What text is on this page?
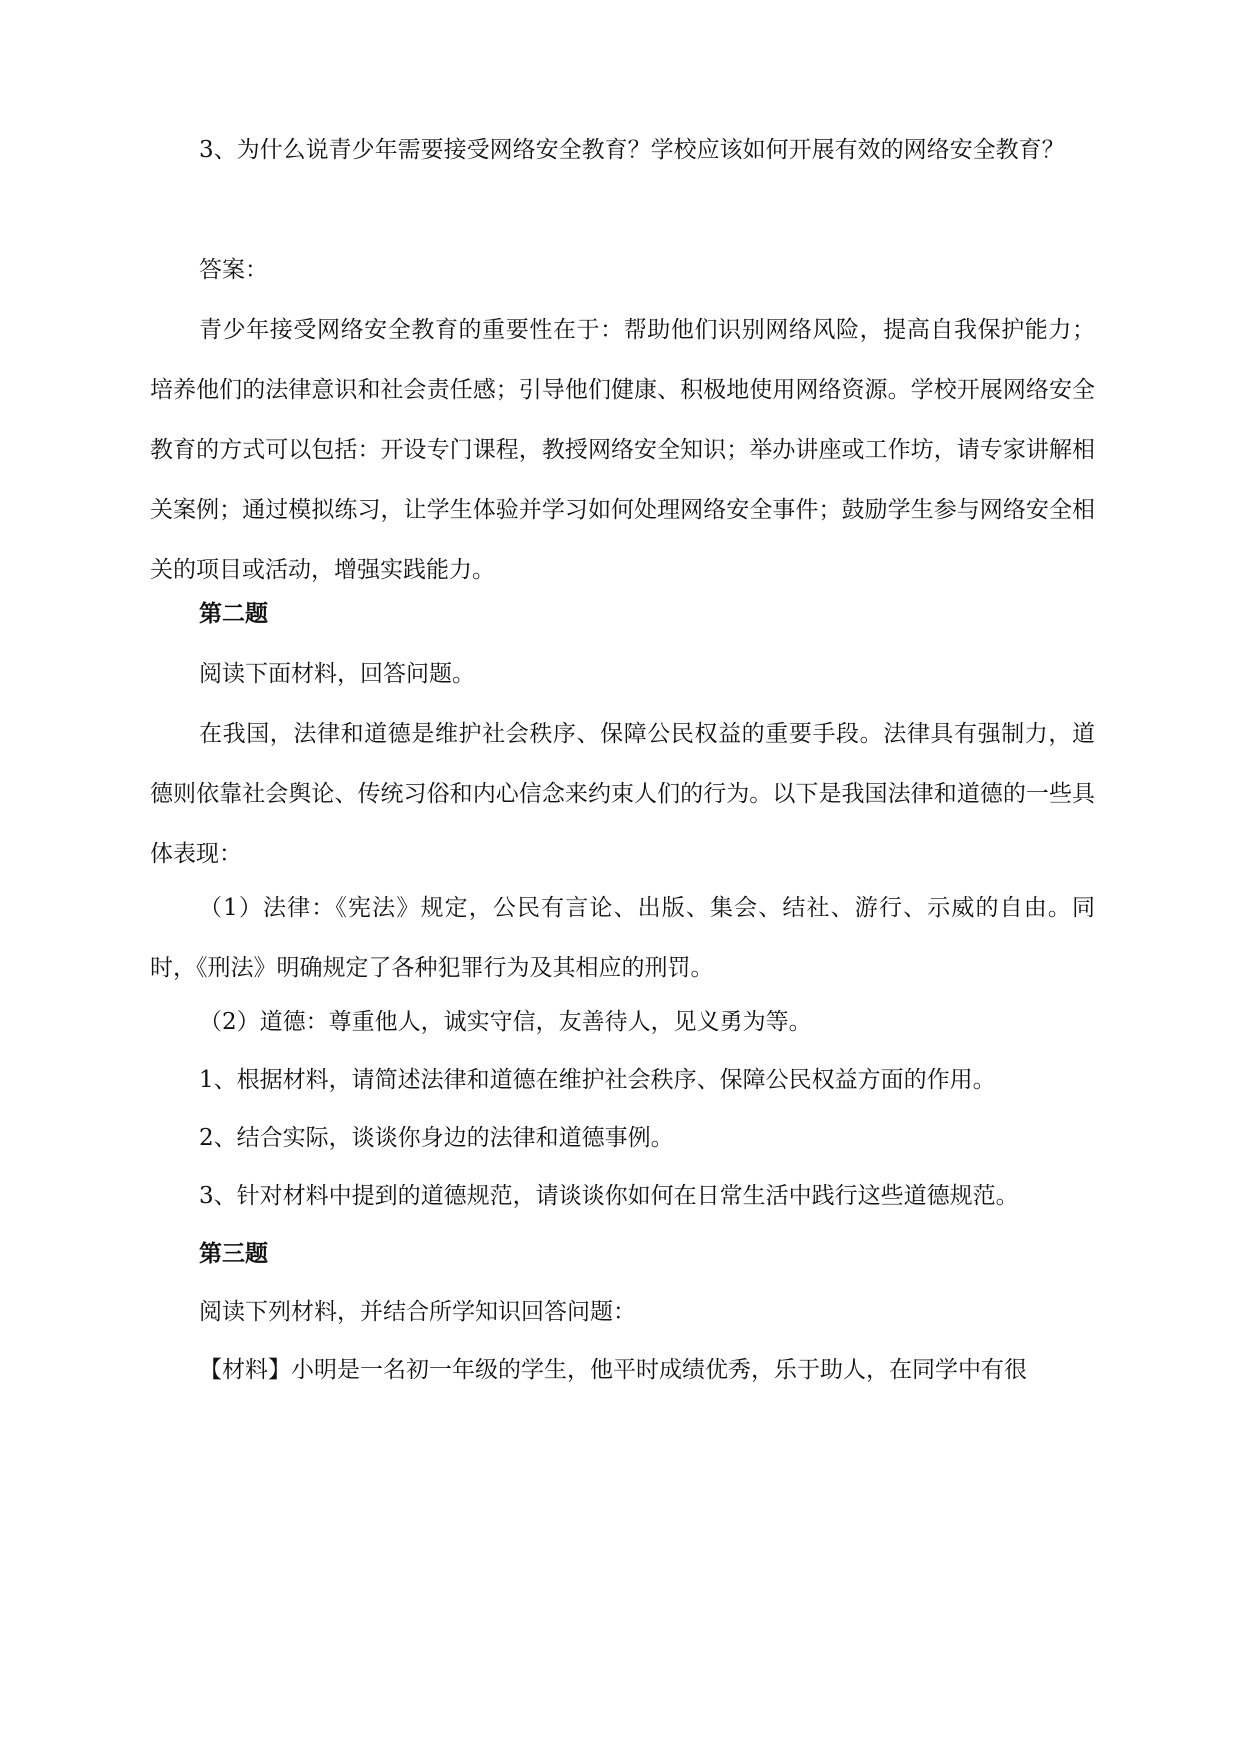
3、为什么说青少年需要接受网络安全教育？学校应该如何开展有效的网络安全教育？

答案：

青少年接受网络安全教育的重要性在于：帮助他们识别网络风险，提高自我保护能力；培养他们的法律意识和社会责任感；引导他们健康、积极地使用网络资源。学校开展网络安全教育的方式可以包括：开设专门课程，教授网络安全知识；举办讲座或工作坊，请专家讲解相关案例；通过模拟练习，让学生体验并学习如何处理网络安全事件；鼓励学生参与网络安全相关的项目或活动，增强实践能力。

第二题

阅读下面材料，回答问题。

在我国，法律和道德是维护社会秩序、保障公民权益的重要手段。法律具有强制力，道德则依靠社会舆论、传统习俗和内心信念来约束人们的行为。以下是我国法律和道德的一些具体表现：

（1）法律：《宪法》规定，公民有言论、出版、集会、结社、游行、示威的自由。同时，《刑法》明确规定了各种犯罪行为及其相应的刑罚。

（2）道德：尊重他人，诚实守信，友善待人，见义勇为等。

1、根据材料，请简述法律和道德在维护社会秩序、保障公民权益方面的作用。

2、结合实际，谈谈你身边的法律和道德事例。

3、针对材料中提到的道德规范，请谈谈你如何在日常生活中践行这些道德规范。

第三题

阅读下列材料，并结合所学知识回答问题：

【材料】小明是一名初一年级的学生，他平时成绩优秀，乐于助人，在同学中有很
